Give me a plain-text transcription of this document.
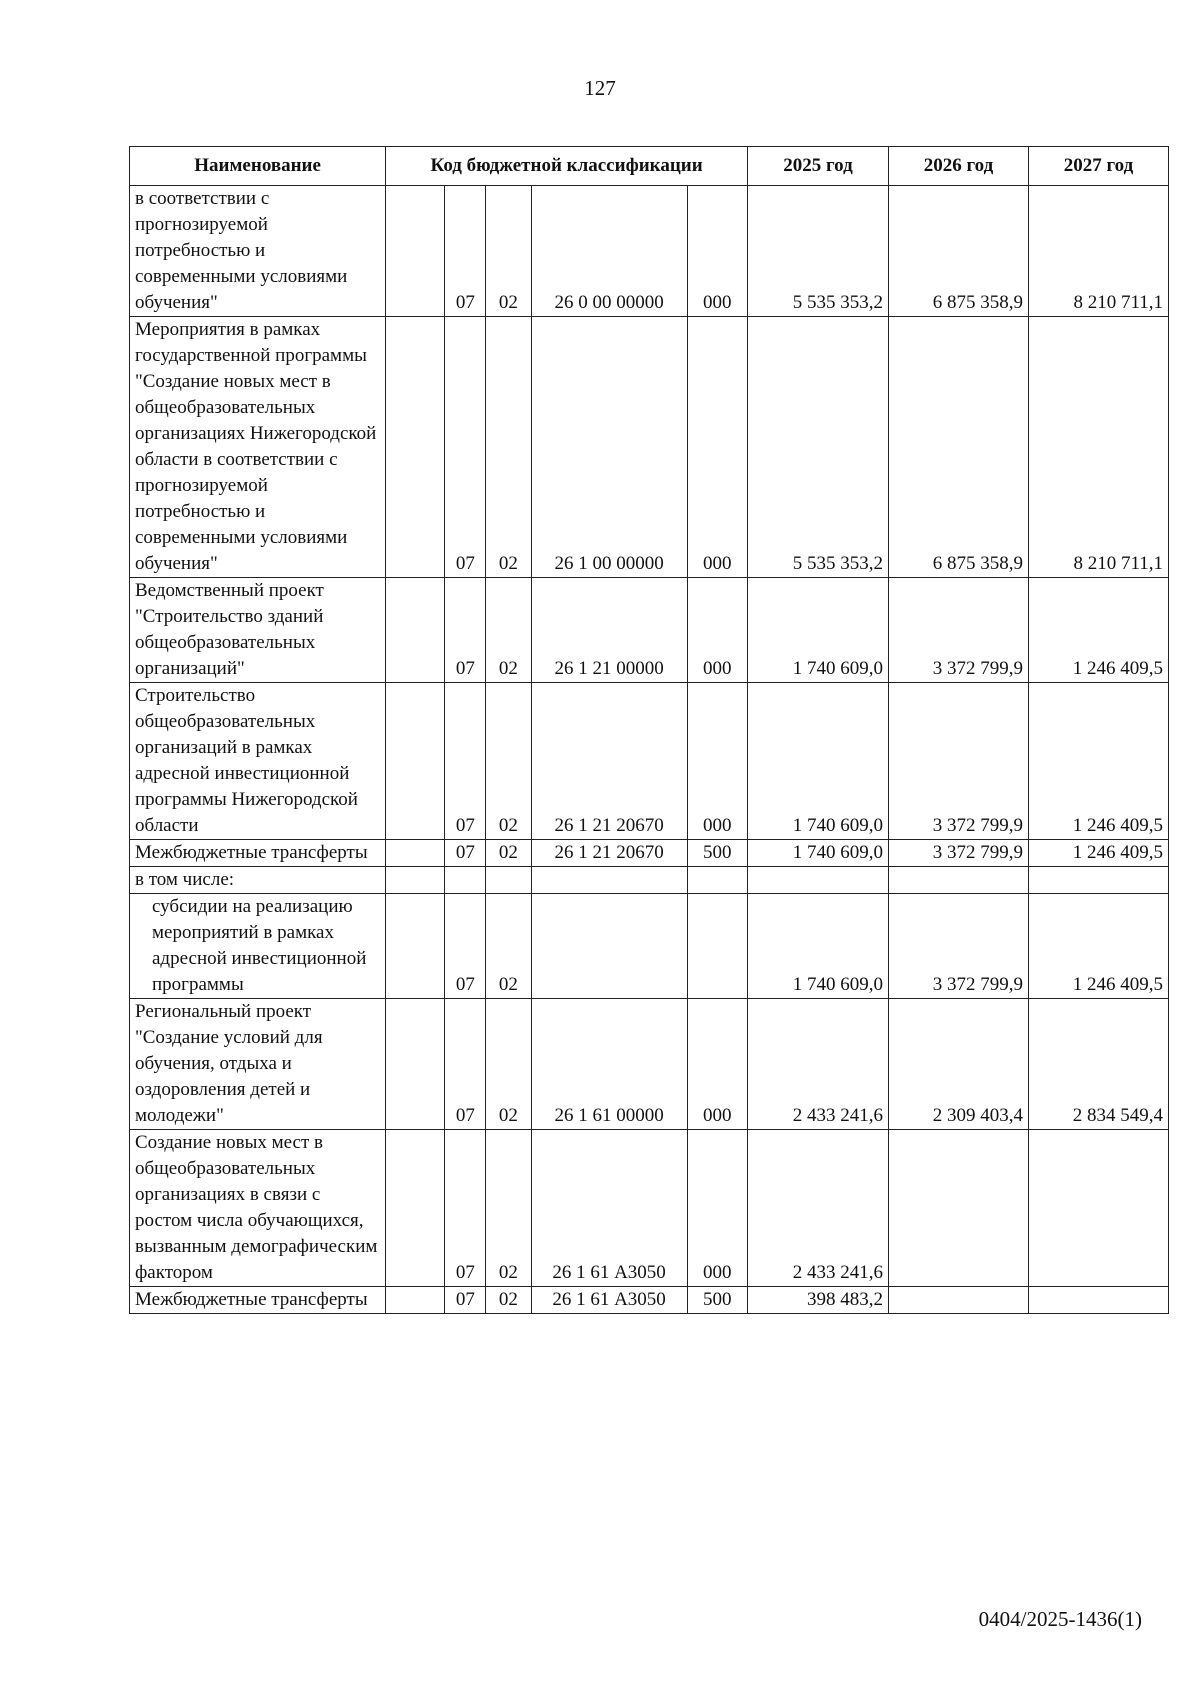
127
Наименование	Код бюджетной классификации					2025 год	2026 год	2027 год
в соответствии с прогнозируемой потребностью и современными условиями обучения"		07	02	26 0 00 00000	000	5 535 353,2	6 875 358,9	8 210 711,1
Мероприятия в рамках государственной программы "Создание новых мест в общеобразовательных организациях Нижегородской области в соответствии с прогнозируемой потребностью и современными условиями обучения"		07	02	26 1 00 00000	000	5 535 353,2	6 875 358,9	8 210 711,1
Ведомственный проект "Строительство зданий общеобразовательных организаций"		07	02	26 1 21 00000	000	1 740 609,0	3 372 799,9	1 246 409,5
Строительство общеобразовательных организаций в рамках адресной инвестиционной программы Нижегородской области		07	02	26 1 21 20670	000	1 740 609,0	3 372 799,9	1 246 409,5
Межбюджетные трансферты		07	02	26 1 21 20670	500	1 740 609,0	3 372 799,9	1 246 409,5
в том числе:								
субсидии на реализацию мероприятий в рамках адресной инвестиционной программы		07	02			1 740 609,0	3 372 799,9	1 246 409,5
Региональный проект "Создание условий для обучения, отдыха и оздоровления детей и молодежи"		07	02	26 1 61 00000	000	2 433 241,6	2 309 403,4	2 834 549,4
Создание новых мест в общеобразовательных организациях в связи с ростом числа обучающихся, вызванным демографическим фактором		07	02	26 1 61 А3050	000	2 433 241,6		
Межбюджетные трансферты		07	02	26 1 61 А3050	500	398 483,2		
0404/2025-1436(1)
